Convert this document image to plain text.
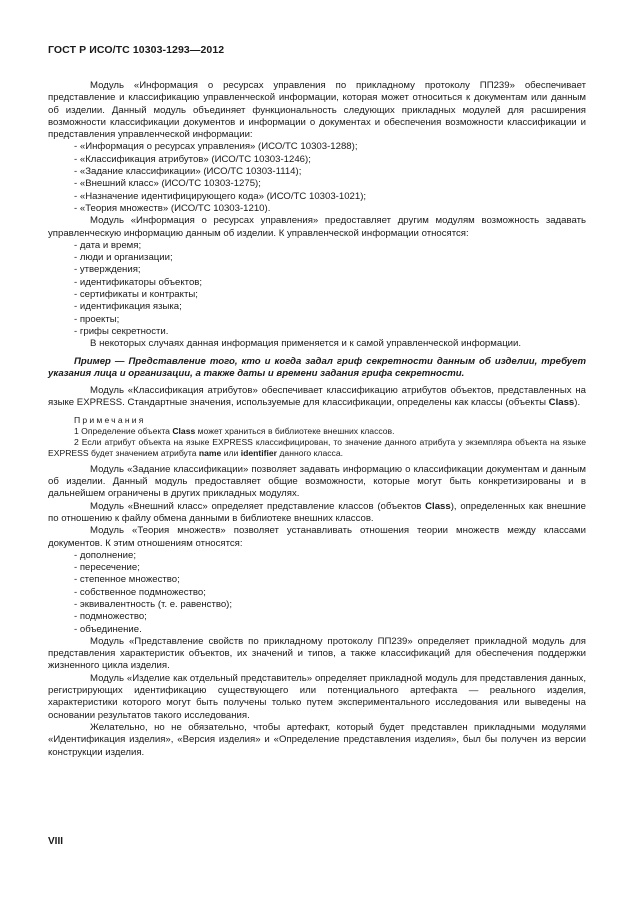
ГОСТ Р ИСО/ТС 10303-1293—2012

Модуль «Информация о ресурсах управления по прикладному протоколу ПП239» обеспечивает представление и классификацию управленческой информации, которая может относиться к документам или данным об изделии. Данный модуль объединяет функциональность следующих прикладных модулей для расширения возможности классификации документов и информации о документах и обеспечения возможности классификации и представления управленческой информации:

- «Информация о ресурсах управления» (ИСО/ТС 10303-1288);

- «Классификация атрибутов» (ИСО/ТС 10303-1246);

- «Задание классификации» (ИСО/ТС 10303-1114);

- «Внешний класс» (ИСО/ТС 10303-1275);

- «Назначение идентифицирующего кода» (ИСО/ТС 10303-1021);

- «Теория множеств» (ИСО/ТС 10303-1210).

Модуль «Информация о ресурсах управления» предоставляет другим модулям возможность задавать управленческую информацию данным об изделии. К управленческой информации относятся:

- дата и время;

- люди и организации;

- утверждения;

- идентификаторы объектов;

- сертификаты и контракты;

- идентификация языка;

- проекты;

- грифы секретности.

В некоторых случаях данная информация применяется и к самой управленческой информации.

Пример — Представление того, кто и когда задал гриф секретности данным об изделии, требует указания лица и организации, а также даты и времени задания грифа секретности.

Модуль «Классификация атрибутов» обеспечивает классификацию атрибутов объектов, представленных на языке EXPRESS. Стандартные значения, используемые для классификации, определены как классы (объекты Class).

Примечания

1 Определение объекта Class может храниться в библиотеке внешних классов.

2 Если атрибут объекта на языке EXPRESS классифицирован, то значение данного атрибута у экземпляра объекта на языке EXPRESS будет значением атрибута name или identifier данного класса.

Модуль «Задание классификации» позволяет задавать информацию о классификации документам и данным об изделии. Данный модуль предоставляет общие возможности, которые могут быть конкретизированы и в дальнейшем ограничены в других прикладных модулях.

Модуль «Внешний класс» определяет представление классов (объектов Class), определенных как внешние по отношению к файлу обмена данными в библиотеке внешних классов.

Модуль «Теория множеств» позволяет устанавливать отношения теории множеств между классами документов. К этим отношениям относятся:

- дополнение;

- пересечение;

- степенное множество;

- собственное подмножество;

- эквивалентность (т. е. равенство);

- подмножество;

- объединение.

Модуль «Представление свойств по прикладному протоколу ПП239» определяет прикладной модуль для представления характеристик объектов, их значений и типов, а также классификаций для обеспечения поддержки жизненного цикла изделия.

Модуль «Изделие как отдельный представитель» определяет прикладной модуль для представления данных, регистрирующих идентификацию существующего или потенциального артефакта — реального изделия, характеристики которого могут быть получены только путем экспериментального исследования или выведены на основании результатов такого исследования.

Желательно, но не обязательно, чтобы артефакт, который будет представлен прикладными модулями «Идентификация изделия», «Версия изделия» и «Определение представления изделия», был бы получен из версии конструкции изделия.

VIII
